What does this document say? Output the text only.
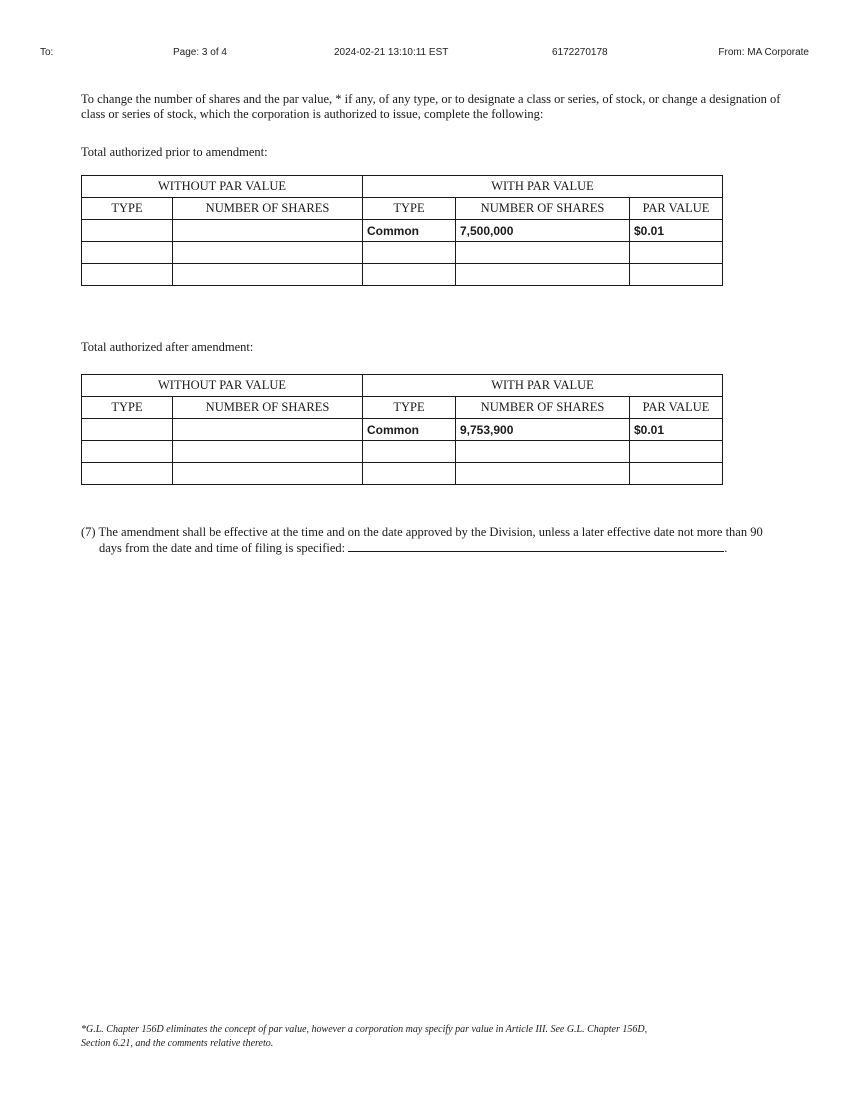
To:	Page: 3 of 4	2024-02-21 13:10:11 EST	6172270178	From: MA Corporate
To change the number of shares and the par value, * if any, of any type, or to designate a class or series, of stock, or change a designation of class or series of stock, which the corporation is authorized to issue, complete the following:
Total authorized prior to amendment:
WITHOUT PAR VALUE		WITH PAR VALUE		
TYPE	NUMBER OF SHARES	TYPE	NUMBER OF SHARES	PAR VALUE
		Common	7,500,000	$0.01

Total authorized after amendment:
WITHOUT PAR VALUE		WITH PAR VALUE		
TYPE	NUMBER OF SHARES	TYPE	NUMBER OF SHARES	PAR VALUE
		Common	9,753,900	$0.01

(7) The amendment shall be effective at the time and on the date approved by the Division, unless a later effective date not more than 90
days from the date and time of filing is specified:	.
*G.L. Chapter 156D eliminates the concept of par value, however a corporation may specify par value in Article III. See G.L. Chapter 156D,
Section 6.21, and the comments relative thereto.
